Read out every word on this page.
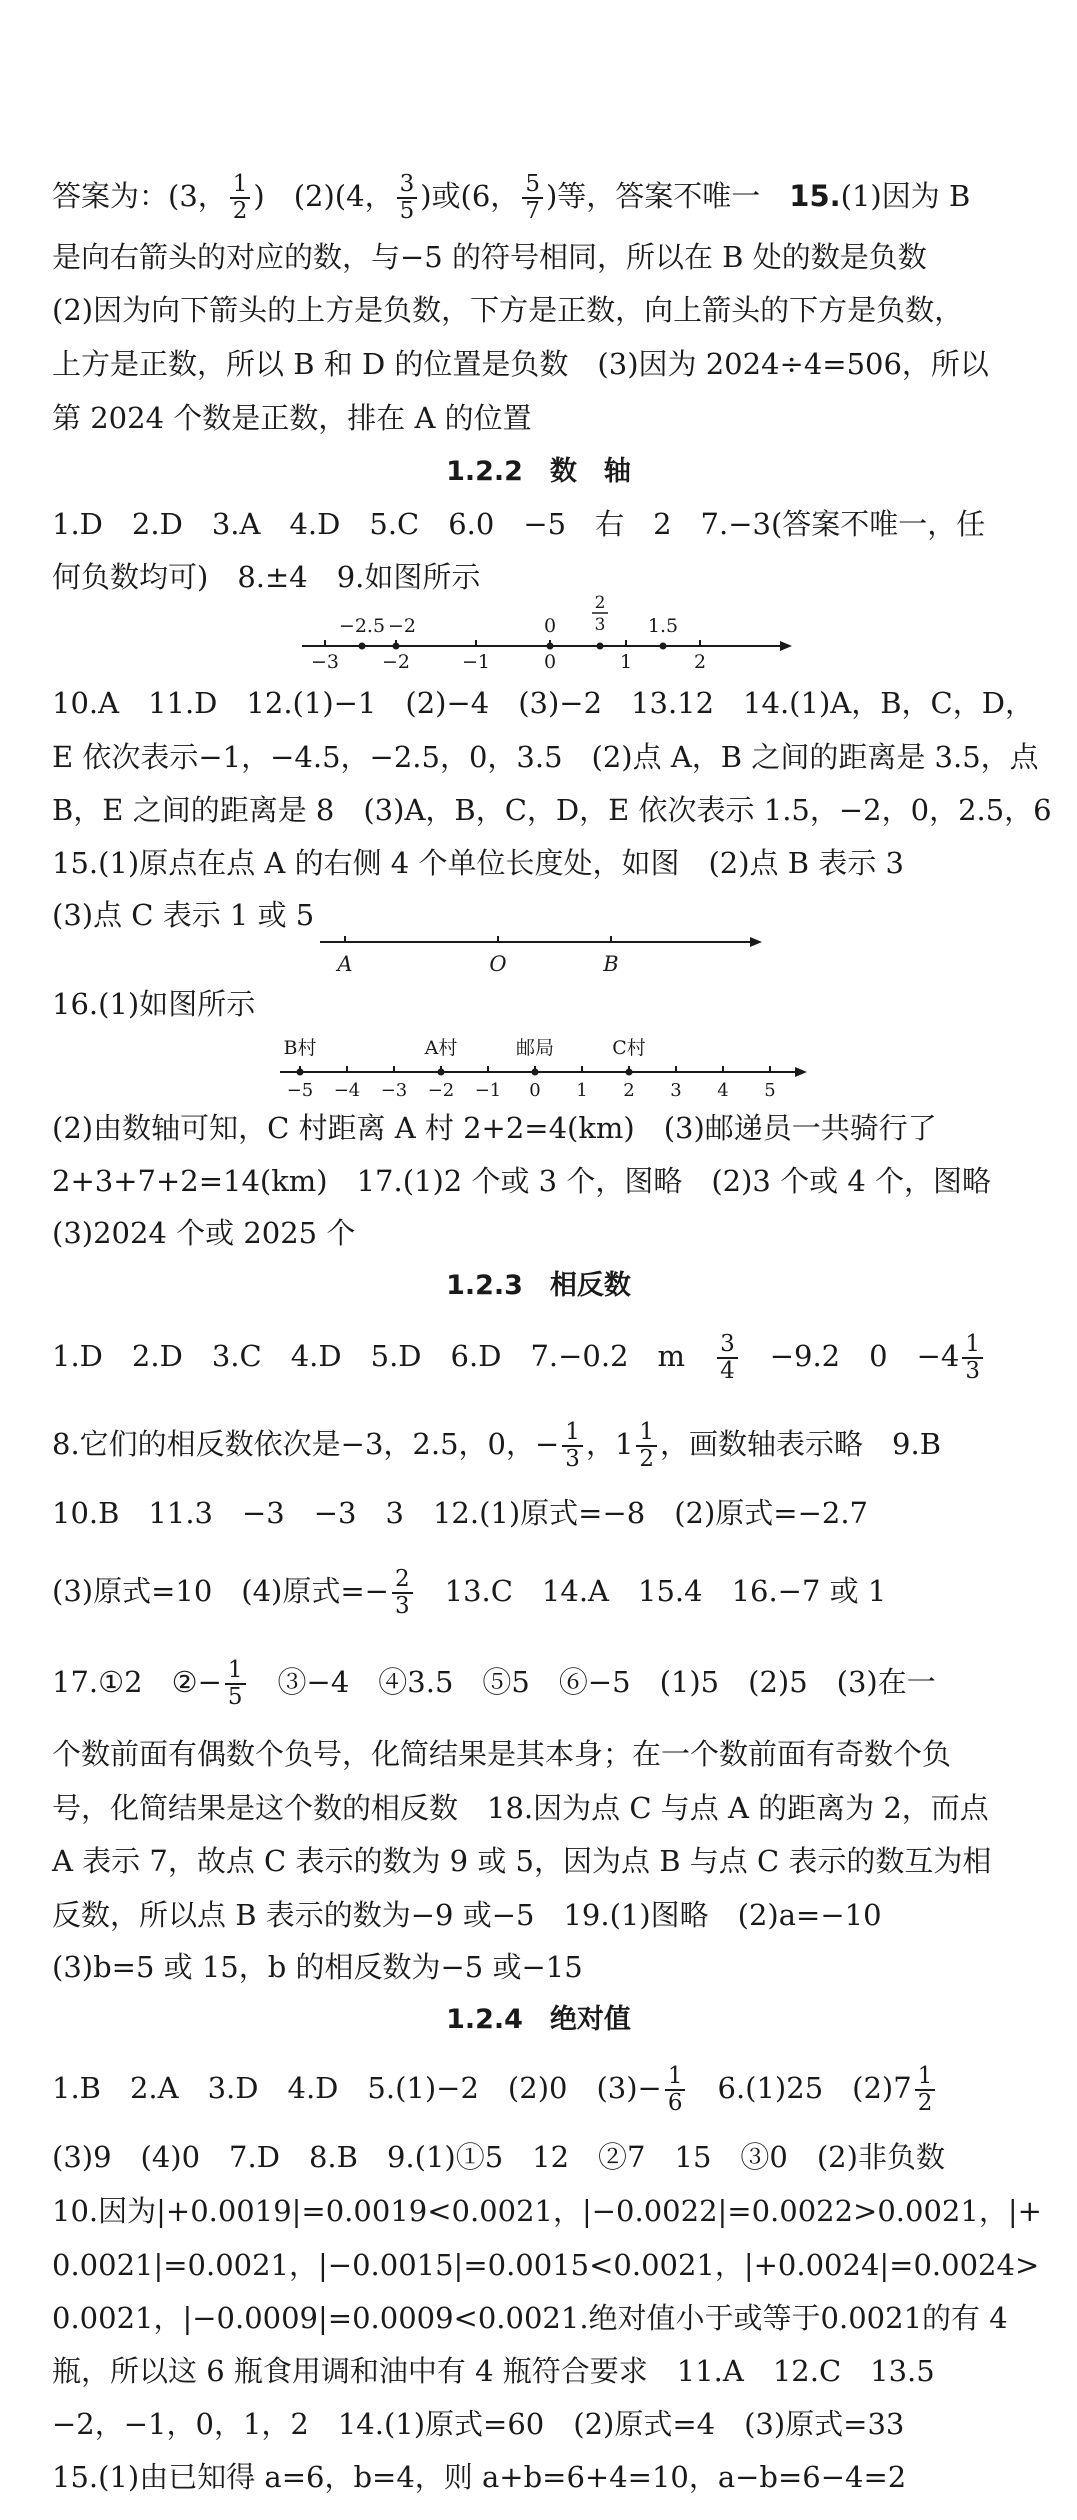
答案为：(3， $\frac{1}{2}$ )　(2)(4， $\frac{3}{5}$ )或(6， $\frac{5}{7}$ )等，答案不唯一　15.(1)因为 B
是向右箭头的对应的数，与−5 的符号相同，所以在 B 处的数是负数
(2)因为向下箭头的上方是负数，下方是正数，向上箭头的下方是负数，
上方是正数，所以 B 和 D 的位置是负数　(3)因为 2024÷4=506，所以
第 2024 个数是正数，排在 A 的位置
1.2.2　数　轴
1.D　2.D　3.A　4.D　5.C　6.0　−5　右　2　7.−3(答案不唯一，任
何负数均可)　8.±4　9.如图所示
−3 −2	−1	0	1	2
−2.5 −2	0
2
3 1.5
10.A　11.D　12.(1)−1　(2)−4　(3)−2　13.12　14.(1)A，B，C，D，
E 依次表示−1，−4.5，−2.5，0，3.5　(2)点 A，B 之间的距离是 3.5，点
B，E 之间的距离是 8　(3)A，B，C，D，E 依次表示 1.5，−2，0，2.5，6
15.(1)原点在点 A 的右侧 4 个单位长度处，如图　(2)点 B 表示 3
(3)点 C 表示 1 或 5
A	O	B
16.(1)如图所示
B村	A村	邮局	C村
−5 −4 −3 −2 −1 0 1 2 3 4 5
(2)由数轴可知，C 村距离 A 村 2+2=4(km)　(3)邮递员一共骑行了
2+3+7+2=14(km)　17.(1)2 个或 3 个，图略　(2)3 个或 4 个，图略
(3)2024 个或 2025 个
1.2.3　相反数
1.D　2.D　3.C　4.D　5.D　6.D　7.−0.2　m　 $\frac{3}{4}$
　 −9.2　0　$-4 \frac{1}{3}$
8.它们的相反数依次是−3，2.5，0，− $\frac{1}{3}$ ，$1 \frac{1}{2}$ ，画数轴表示略　9.B
10.B　11.3　−3　−3　3　12.(1)原式=−8　(2)原式=−2.7
(3)原式=10　(4)原式=− $\frac{2}{3}$
　 13.C　14.A　15.4　16.−7 或 1
17.①2　②− $\frac{1}{5}$
　 ③−4　④3.5　⑤5　⑥−5　(1)5　(2)5　(3)在一
个数前面有偶数个负号，化简结果是其本身；在一个数前面有奇数个负
号，化简结果是这个数的相反数　18.因为点 C 与点 A 的距离为 2，而点
A 表示 7，故点 C 表示的数为 9 或 5，因为点 B 与点 C 表示的数互为相
反数，所以点 B 表示的数为−9 或−5　19.(1)图略　(2)a=−10
(3)b=5 或 15，b 的相反数为−5 或−15
1.2.4　绝对值
1.B　2.A　3.D　4.D　5.(1)−2　(2)0　$(3)- \frac{1}{6}$
　 6.(1)25　$(2)7 \frac{1}{2}$
(3)9　(4)0　7.D　8.B　9.(1)①5　12　②7　15　③0　(2)非负数
10.因为|+0.0019|=0.0019<0.0021，|−0.0022|=0.0022>0.0021，|+
0.0021|=0.0021，|−0.0015|=0.0015<0.0021，|+0.0024|=0.0024>
0.0021，|−0.0009|=0.0009<0.0021.绝对值小于或等于0.0021的有 4
瓶，所以这 6 瓶食用调和油中有 4 瓶符合要求　11.A　12.C　13.5
−2，−1，0，1，2　14.(1)原式=60　(2)原式=4　(3)原式=33
15.(1)由已知得 a=6，b=4，则 a+b=6+4=10，a−b=6−4=2
